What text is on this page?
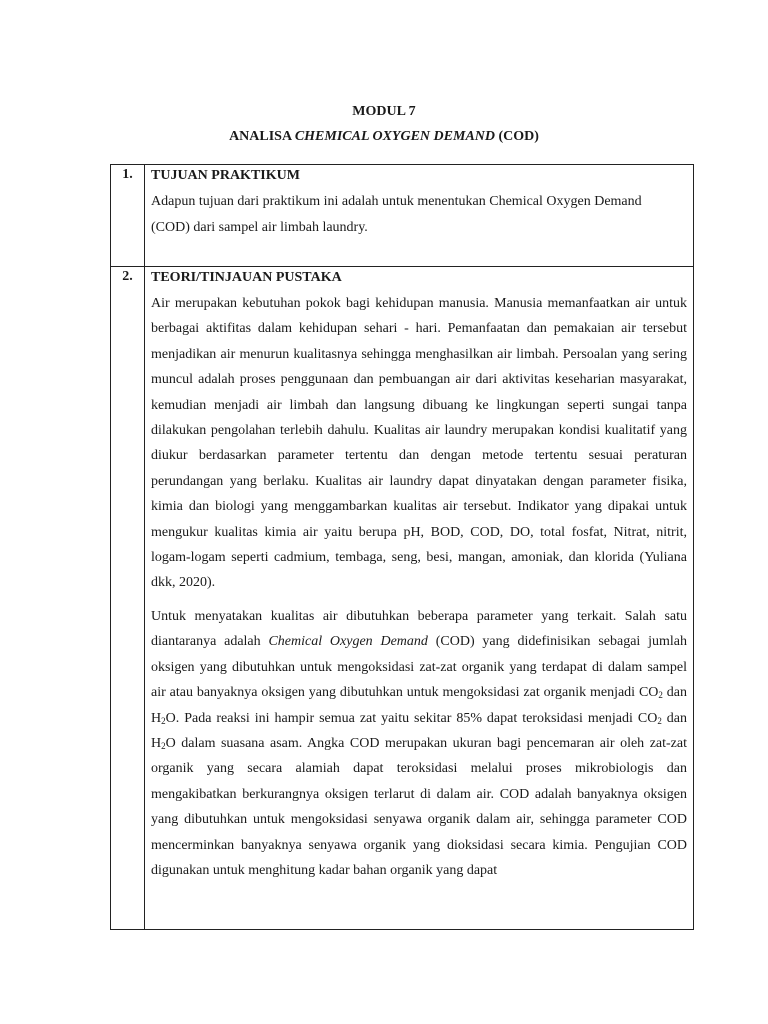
MODUL 7
ANALISA CHEMICAL OXYGEN DEMAND (COD)
1.	TUJUAN PRAKTIKUM

Adapun tujuan dari praktikum ini adalah untuk menentukan Chemical Oxygen Demand

(COD) dari sampel air limbah laundry.

2.	TEORI/TINJAUAN PUSTAKA

Air merupakan kebutuhan pokok bagi kehidupan manusia. Manusia memanfaatkan air untuk berbagai aktifitas dalam kehidupan sehari - hari. Pemanfaatan dan pemakaian air tersebut menjadikan air menurun kualitasnya sehingga menghasilkan air limbah. Persoalan yang sering muncul adalah proses penggunaan dan pembuangan air dari aktivitas keseharian masyarakat, kemudian menjadi air limbah dan langsung dibuang ke lingkungan seperti sungai tanpa dilakukan pengolahan terlebih dahulu. Kualitas air laundry merupakan kondisi kualitatif yang diukur berdasarkan parameter tertentu dan dengan metode tertentu sesuai peraturan perundangan yang berlaku. Kualitas air laundry dapat dinyatakan dengan parameter fisika, kimia dan biologi yang menggambarkan kualitas air tersebut. Indikator yang dipakai untuk mengukur kualitas kimia air yaitu berupa pH, BOD, COD, DO, total fosfat, Nitrat, nitrit, logam-logam seperti cadmium, tembaga, seng, besi, mangan, amoniak, dan klorida (Yuliana dkk, 2020).

Untuk menyatakan kualitas air dibutuhkan beberapa parameter yang terkait. Salah satu diantaranya adalah Chemical Oxygen Demand (COD) yang didefinisikan sebagai jumlah oksigen yang dibutuhkan untuk mengoksidasi zat-zat organik yang terdapat di dalam sampel air atau banyaknya oksigen yang dibutuhkan untuk mengoksidasi zat organik menjadi $CO_2$ dan $H_2O$. Pada reaksi ini hampir semua zat yaitu sekitar 85% dapat teroksidasi menjadi $CO_2$ dan $H_2O$ dalam suasana asam. Angka COD merupakan ukuran bagi pencemaran air oleh zat-zat organik yang secara alamiah dapat teroksidasi melalui proses mikrobiologis dan mengakibatkan berkurangnya oksigen terlarut di dalam air. COD adalah banyaknya oksigen yang dibutuhkan untuk mengoksidasi senyawa organik dalam air, sehingga parameter COD mencerminkan banyaknya senyawa organik yang dioksidasi secara kimia. Pengujian COD digunakan untuk menghitung kadar bahan organik yang dapat
